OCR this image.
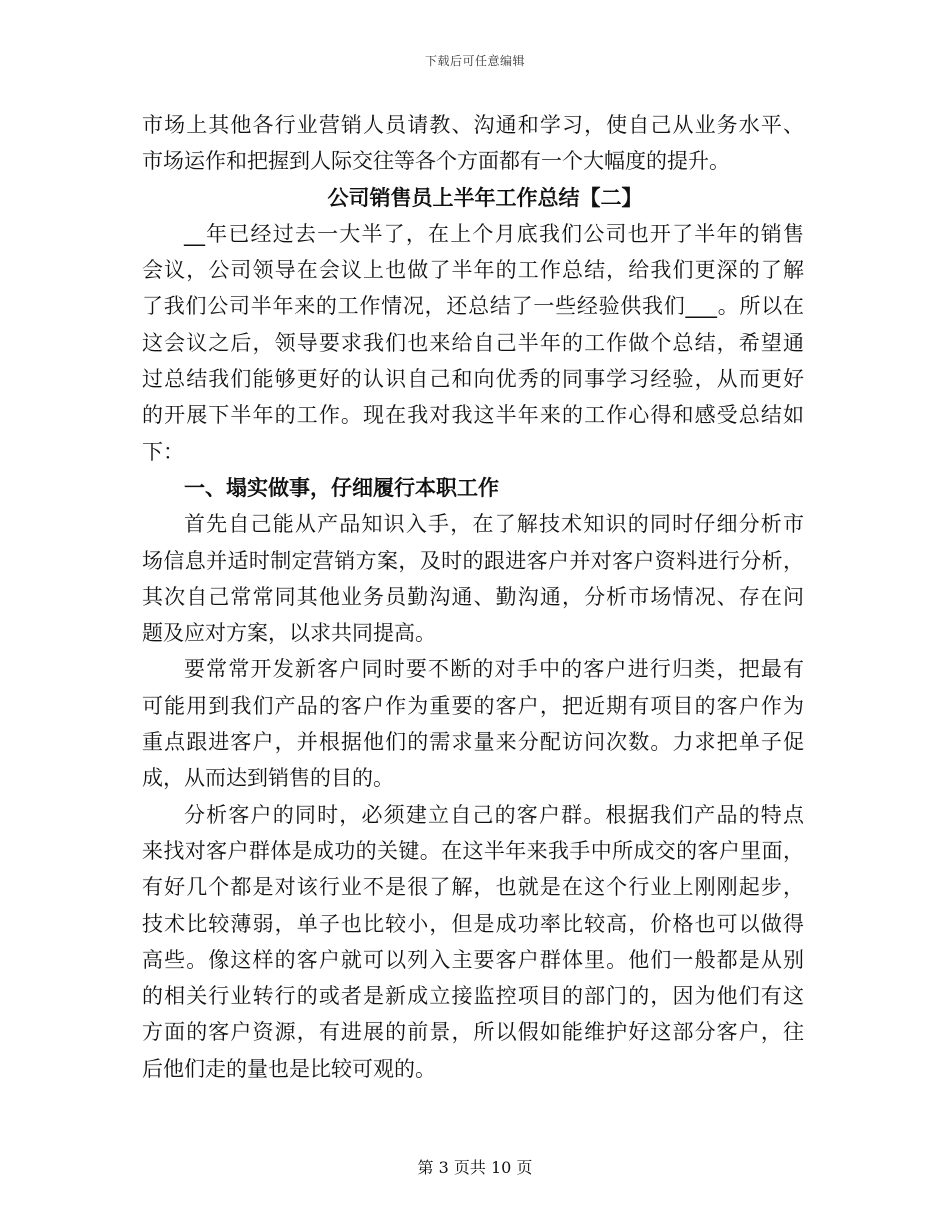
下载后可任意编辑
市场上其他各行业营销人员请教、沟通和学习，使自己从业务水平、
市场运作和把握到人际交往等各个方面都有一个大幅度的提升。
公司销售员上半年工作总结【二】
__年已经过去一大半了，在上个月底我们公司也开了半年的销售
会议，公司领导在会议上也做了半年的工作总结，给我们更深的了解
了我们公司半年来的工作情况，还总结了一些经验供我们___。所以在
这会议之后，领导要求我们也来给自己半年的工作做个总结，希望通
过总结我们能够更好的认识自己和向优秀的同事学习经验，从而更好
的开展下半年的工作。现在我对我这半年来的工作心得和感受总结如
下：
一、塌实做事，仔细履行本职工作
首先自己能从产品知识入手，在了解技术知识的同时仔细分析市
场信息并适时制定营销方案，及时的跟进客户并对客户资料进行分析，
其次自己常常同其他业务员勤沟通、勤沟通，分析市场情况、存在问
题及应对方案，以求共同提高。
要常常开发新客户同时要不断的对手中的客户进行归类，把最有
可能用到我们产品的客户作为重要的客户，把近期有项目的客户作为
重点跟进客户，并根据他们的需求量来分配访问次数。力求把单子促
成，从而达到销售的目的。
分析客户的同时，必须建立自己的客户群。根据我们产品的特点
来找对客户群体是成功的关键。在这半年来我手中所成交的客户里面，
有好几个都是对该行业不是很了解，也就是在这个行业上刚刚起步，
技术比较薄弱，单子也比较小，但是成功率比较高，价格也可以做得
高些。像这样的客户就可以列入主要客户群体里。他们一般都是从别
的相关行业转行的或者是新成立接监控项目的部门的，因为他们有这
方面的客户资源，有进展的前景，所以假如能维护好这部分客户，往
后他们走的量也是比较可观的。
第 3 页共 10 页
